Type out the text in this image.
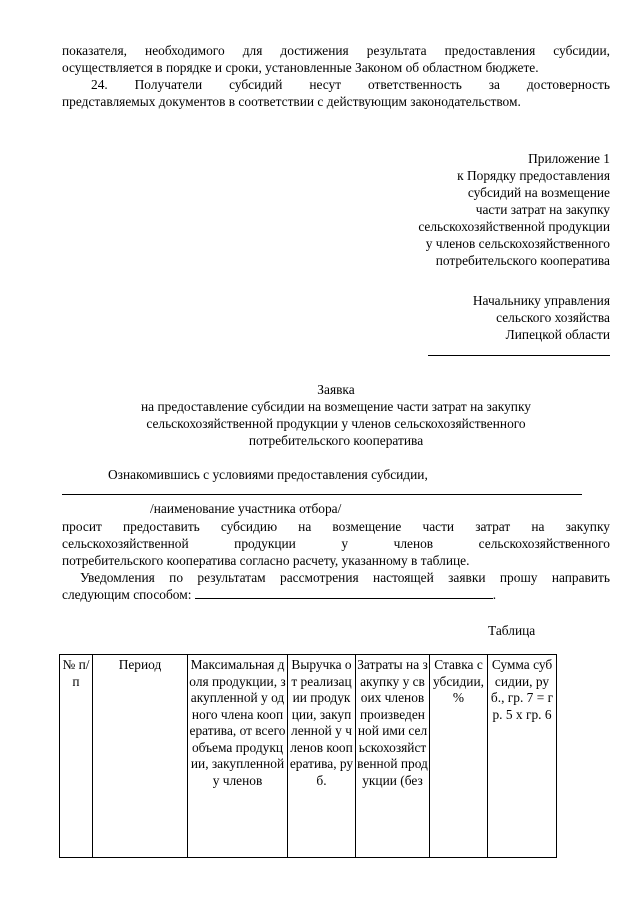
показателя, необходимого для достижения результата предоставления субсидии,

осуществляется в порядке и сроки, установленные Законом об областном бюджете.

24. Получатели субсидий несут ответственность за достоверность

представляемых документов в соответствии с действующим законодательством.

Приложение 1

к Порядку предоставления

субсидий на возмещение

части затрат на закупку

сельскохозяйственной продукции

у членов сельскохозяйственного

потребительского кооператива

Начальнику управления

сельского хозяйства

Липецкой области

Заявка

на предоставление субсидии на возмещение части затрат на закупку

сельскохозяйственной продукции у членов сельскохозяйственного

потребительского кооператива

Ознакомившись с условиями предоставления субсидии,

/наименование участника отбора/

просит предоставить субсидию на возмещение части затрат на закупку

сельскохозяйственной продукции у членов сельскохозяйственного

потребительского кооператива согласно расчету, указанному в таблице.

Уведомления по результатам рассмотрения настоящей заявки прошу направить

следующим способом:	.

Таблица
№ п/п	Период	Максимальная доля продукции, закупленной у одного члена кооператива, от всего объема продукции, закупленной у членов	Выручка от реализации продукции, закупленной у членов кооператива, руб.	Затраты на закупку у своих членов произведенной ими сельскохозяйственной продукции (без	Ставка субсидии, %	Сумма субсидии, руб., гр. 7 = гр. 5 х гр. 6
